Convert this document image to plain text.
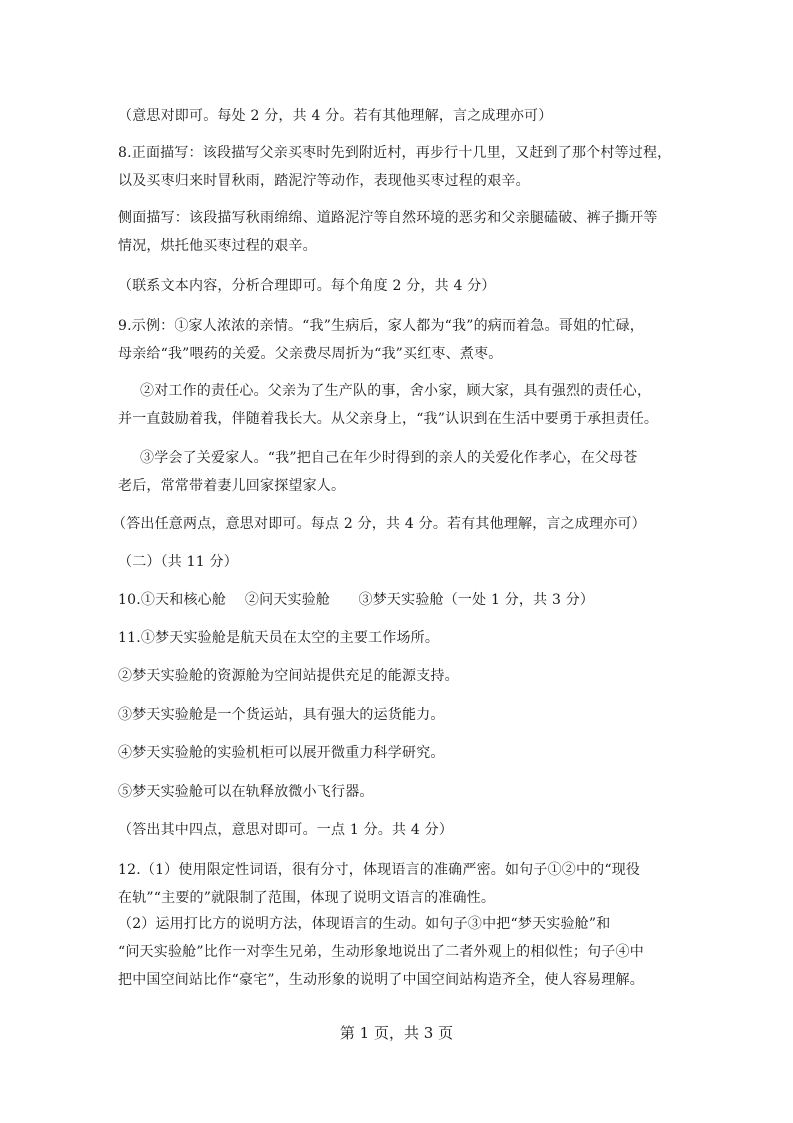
（意思对即可。每处 2 分，共 4 分。若有其他理解，言之成理亦可）
8.正面描写：该段描写父亲买枣时先到附近村，再步行十几里，又赶到了那个村等过程，
以及买枣归来时冒秋雨，踏泥泞等动作，表现他买枣过程的艰辛。
侧面描写：该段描写秋雨绵绵、道路泥泞等自然环境的恶劣和父亲腿磕破、裤子撕开等
情况，烘托他买枣过程的艰辛。
（联系文本内容，分析合理即可。每个角度 2 分，共 4 分）
9.示例：①家人浓浓的亲情。“我”生病后，家人都为“我”的病而着急。哥姐的忙碌，
母亲给“我”喂药的关爱。父亲费尽周折为“我”买红枣、煮枣。
②对工作的责任心。父亲为了生产队的事，舍小家，顾大家，具有强烈的责任心，
并一直鼓励着我，伴随着我长大。从父亲身上，“我”认识到在生活中要勇于承担责任。
③学会了关爱家人。“我”把自己在年少时得到的亲人的关爱化作孝心，在父母苍
老后，常常带着妻儿回家探望家人。
（答出任意两点，意思对即可。每点 2 分，共 4 分。若有其他理解，言之成理亦可）
（二）（共 11 分）
10.①天和核心舱　 ②问天实验舱　　③梦天实验舱（一处 1 分，共 3 分）
11.①梦天实验舱是航天员在太空的主要工作场所。
②梦天实验舱的资源舱为空间站提供充足的能源支持。
③梦天实验舱是一个货运站，具有强大的运货能力。
④梦天实验舱的实验机柜可以展开微重力科学研究。
⑤梦天实验舱可以在轨释放微小飞行器。
（答出其中四点，意思对即可。一点 1 分。共 4 分）
12.（1）使用限定性词语，很有分寸，体现语言的准确严密。如句子①②中的“现役
在轨”“主要的”就限制了范围，体现了说明文语言的准确性。
（2）运用打比方的说明方法，体现语言的生动。如句子③中把“梦天实验舱”和
“问天实验舱”比作一对孪生兄弟，生动形象地说出了二者外观上的相似性；句子④中
把中国空间站比作“豪宅”，生动形象的说明了中国空间站构造齐全，使人容易理解。
第 1 页，共 3 页
